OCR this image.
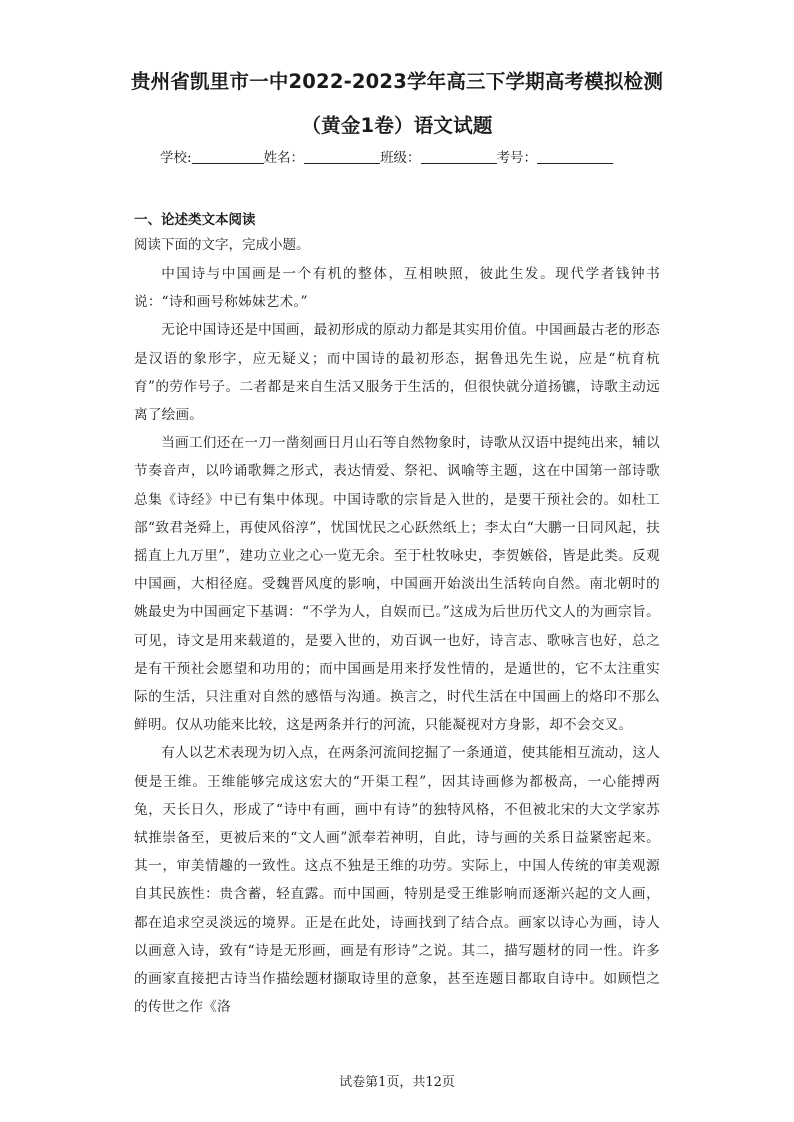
贵州省凯里市一中2022-2023学年高三下学期高考模拟检测
（黄金1卷）语文试题
学校:	姓名：	班级：	考号：
一、论述类文本阅读
阅读下面的文字，完成小题。

中国诗与中国画是一个有机的整体，互相映照，彼此生发。现代学者钱钟书说：“诗和画号称姊妹艺术。”

无论中国诗还是中国画，最初形成的原动力都是其实用价值。中国画最古老的形态是汉语的象形字，应无疑义；而中国诗的最初形态，据鲁迅先生说，应是“杭育杭育”的劳作号子。二者都是来自生活又服务于生活的，但很快就分道扬镳，诗歌主动远离了绘画。

当画工们还在一刀一凿刻画日月山石等自然物象时，诗歌从汉语中提纯出来，辅以节奏音声，以吟诵歌舞之形式，表达情爱、祭祀、讽喻等主题，这在中国第一部诗歌总集《诗经》中已有集中体现。中国诗歌的宗旨是入世的，是要干预社会的。如杜工部“致君尧舜上，再使风俗淳”，忧国忧民之心跃然纸上；李太白“大鹏一日同风起，扶摇直上九万里”，建功立业之心一览无余。至于杜牧咏史，李贺嫉俗，皆是此类。反观中国画，大相径庭。受魏晋风度的影响，中国画开始淡出生活转向自然。南北朝时的姚最史为中国画定下基调：“不学为人，自娱而已。”这成为后世历代文人的为画宗旨。可见，诗文是用来载道的，是要入世的，劝百讽一也好，诗言志、歌咏言也好，总之是有干预社会愿望和功用的；而中国画是用来抒发性情的，是遁世的，它不太注重实际的生活，只注重对自然的感悟与沟通。换言之，时代生活在中国画上的烙印不那么鲜明。仅从功能来比较，这是两条并行的河流，只能凝视对方身影，却不会交叉。

有人以艺术表现为切入点，在两条河流间挖掘了一条通道，使其能相互流动，这人便是王维。王维能够完成这宏大的“开渠工程”，因其诗画修为都极高，一心能搏两兔，天长日久，形成了“诗中有画，画中有诗”的独特风格，不但被北宋的大文学家苏轼推崇备至，更被后来的“文人画”派奉若神明，自此，诗与画的关系日益紧密起来。其一，审美情趣的一致性。这点不独是王维的功劳。实际上，中国人传统的审美观源自其民族性：贵含蓄，轻直露。而中国画，特别是受王维影响而逐渐兴起的文人画，都在追求空灵淡远的境界。正是在此处，诗画找到了结合点。画家以诗心为画，诗人以画意入诗，致有“诗是无形画，画是有形诗”之说。其二，描写题材的同一性。许多的画家直接把古诗当作描绘题材撷取诗里的意象，甚至连题目都取自诗中。如顾恺之的传世之作《洛

试卷第1页，共12页
